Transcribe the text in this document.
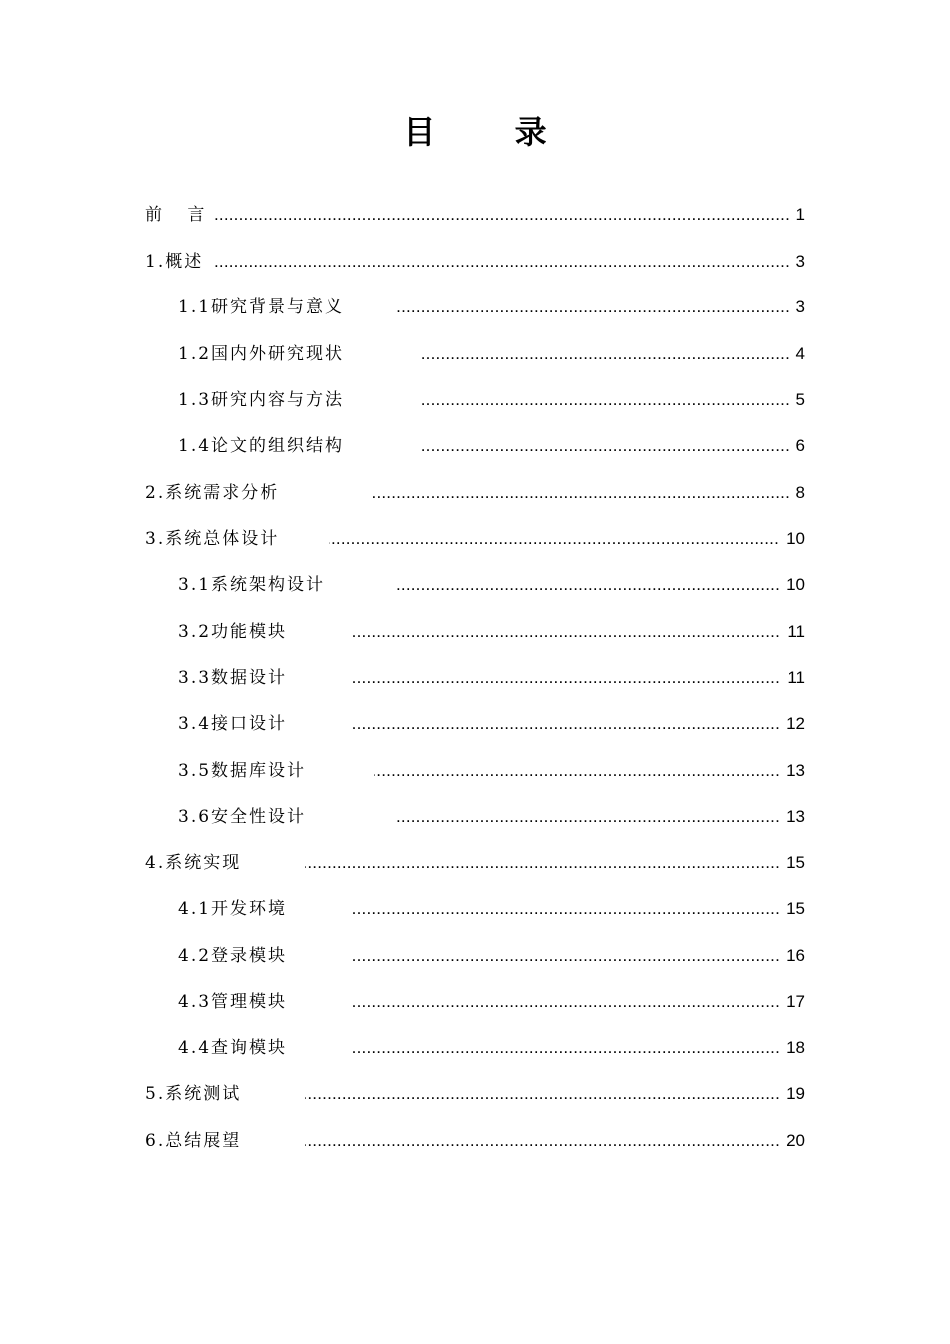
目 录
前 言 .....	1
1.概述 .....	3
1.1研究背景与意义 .....	3
1.2国内外研究现状 .....	4
1.3研究内容与方法 .....	5
1.4论文的组织结构 .....	6
2.系统需求分析 .....	8
3.系统总体设计 .....	10
3.1系统架构设计 .....	10
3.2功能模块 .....	11
3.3数据设计 .....	11
3.4接口设计 .....	12
3.5数据库设计 .....	13
3.6安全性设计 .....	13
4.系统实现 .....	15
4.1开发环境 .....	15
4.2登录模块 .....	16
4.3管理模块 .....	17
4.4查询模块 .....	18
5.系统测试 .....	19
6.总结展望 .....	20
